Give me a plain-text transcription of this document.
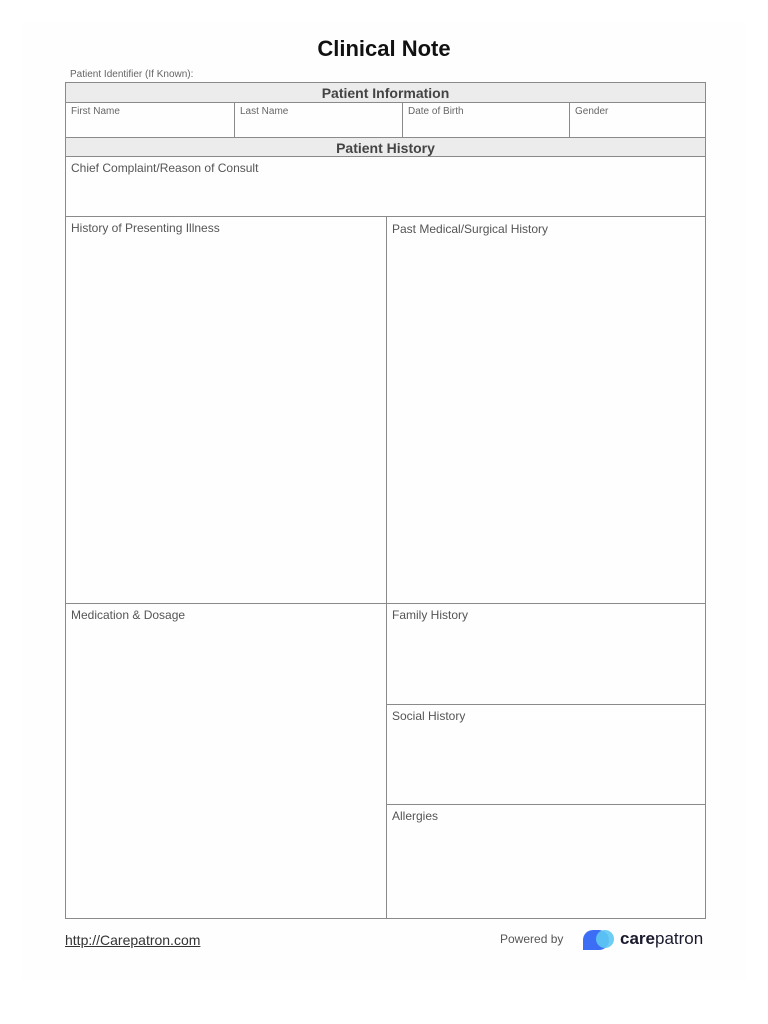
Clinical Note
Patient Identifier (If Known):
Patient Information
First Name	Last Name	Date of Birth	Gender
Patient History
Chief Complaint/Reason of Consult
History of Presenting Illness	Past Medical/Surgical History
Medication & Dosage	Family History
Social History
Allergies
http://Carepatron.com	Powered by	carepatron
